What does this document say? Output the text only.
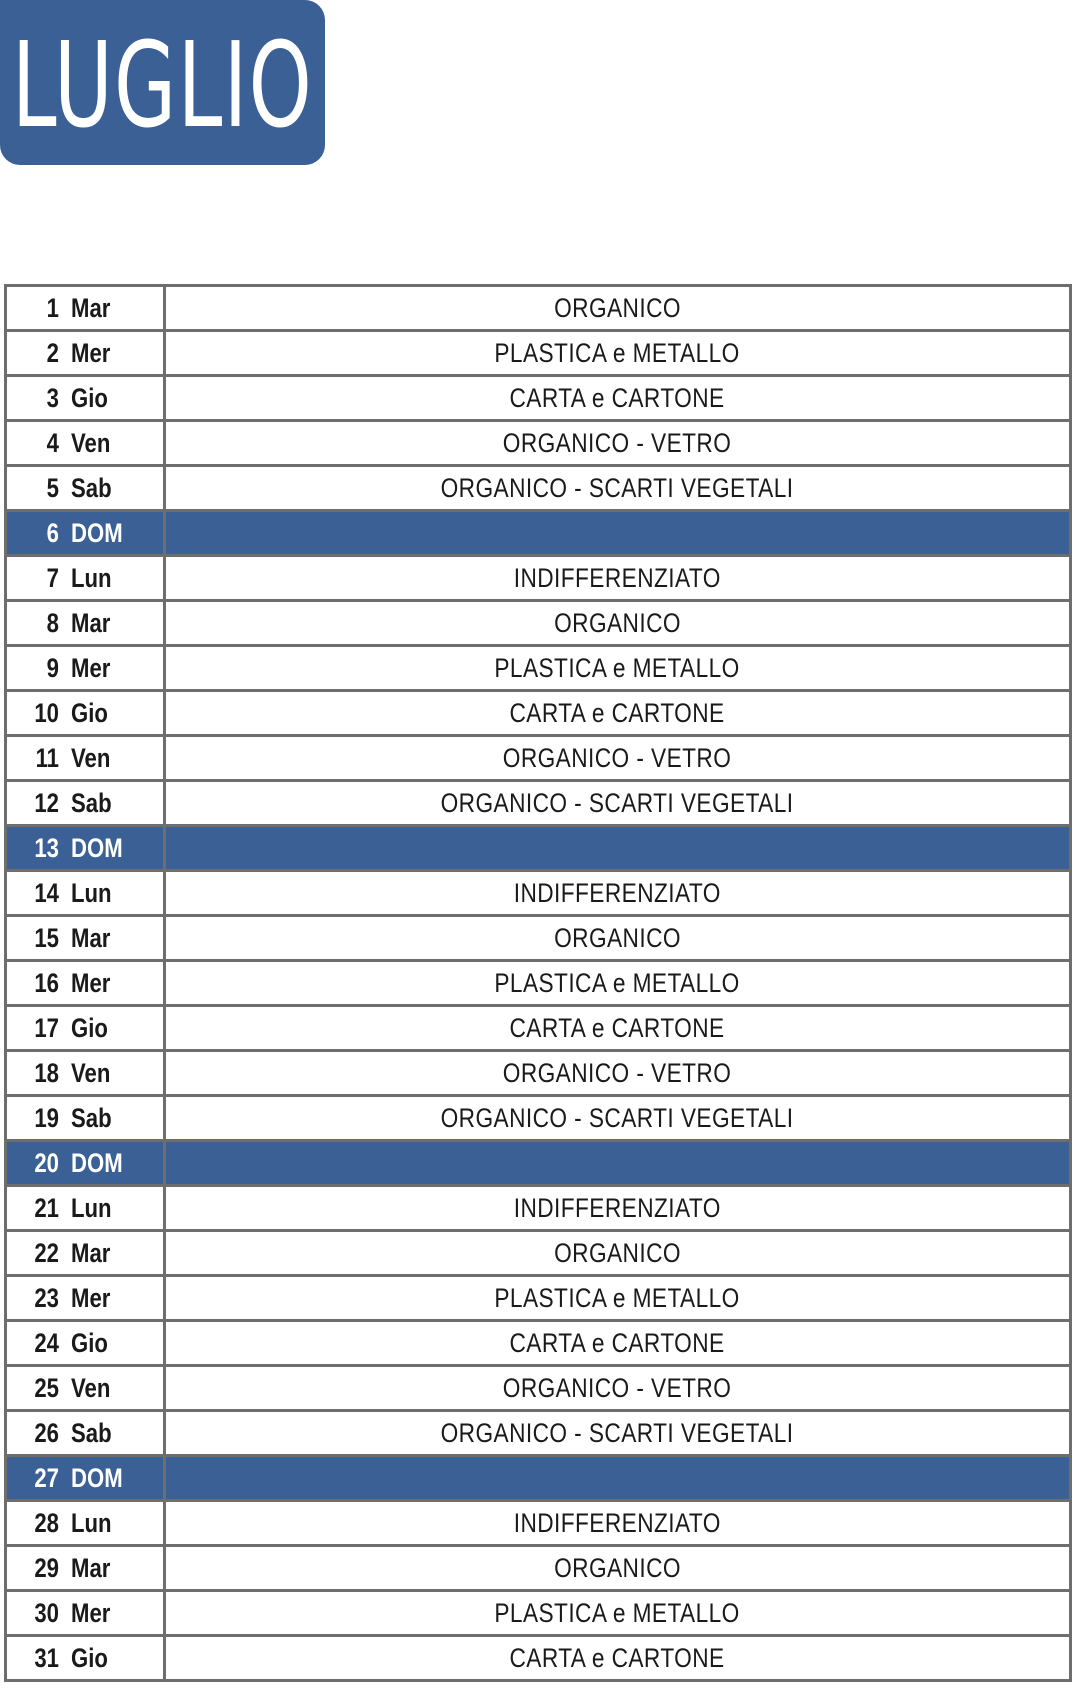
LUGLIO
1 Mar	ORGANICO

2 Mer	PLASTICA e METALLO

3 Gio	CARTA e CARTONE

4 Ven	ORGANICO - VETRO

5 Sab	ORGANICO - SCARTI VEGETALI

6 DOM	

7 Lun	INDIFFERENZIATO

8 Mar	ORGANICO

9 Mer	PLASTICA e METALLO

10 Gio	CARTA e CARTONE

11 Ven	ORGANICO - VETRO

12 Sab	ORGANICO - SCARTI VEGETALI

13 DOM	

14 Lun	INDIFFERENZIATO

15 Mar	ORGANICO

16 Mer	PLASTICA e METALLO

17 Gio	CARTA e CARTONE

18 Ven	ORGANICO - VETRO

19 Sab	ORGANICO - SCARTI VEGETALI

20 DOM	

21 Lun	INDIFFERENZIATO

22 Mar	ORGANICO

23 Mer	PLASTICA e METALLO

24 Gio	CARTA e CARTONE

25 Ven	ORGANICO - VETRO

26 Sab	ORGANICO - SCARTI VEGETALI

27 DOM	

28 Lun	INDIFFERENZIATO

29 Mar	ORGANICO

30 Mer	PLASTICA e METALLO

31 Gio	CARTA e CARTONE
